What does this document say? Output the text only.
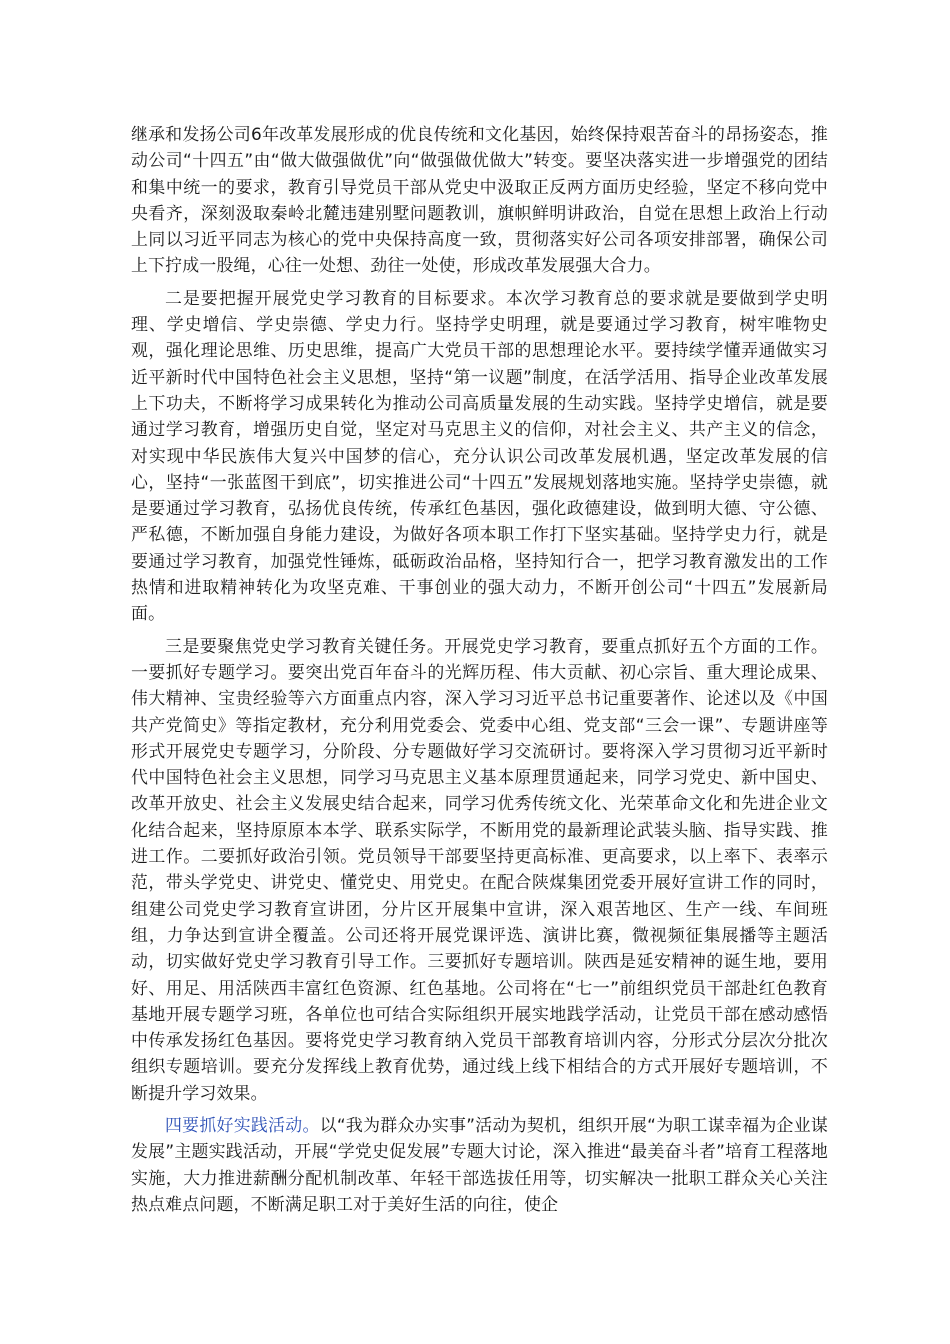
继承和发扬公司6年改革发展形成的优良传统和文化基因，始终保持艰苦奋斗的昂扬姿态，推动公司“十四五”由“做大做强做优”向“做强做优做大”转变。要坚决落实进一步增强党的团结和集中统一的要求，教育引导党员干部从党史中汲取正反两方面历史经验，坚定不移向党中央看齐，深刻汲取秦岭北麓违建别墅问题教训，旗帜鲜明讲政治，自觉在思想上政治上行动上同以习近平同志为核心的党中央保持高度一致，贯彻落实好公司各项安排部署，确保公司上下拧成一股绳，心往一处想、劲往一处使，形成改革发展强大合力。

二是要把握开展党史学习教育的目标要求。本次学习教育总的要求就是要做到学史明理、学史增信、学史崇德、学史力行。坚持学史明理，就是要通过学习教育，树牢唯物史观，强化理论思维、历史思维，提高广大党员干部的思想理论水平。要持续学懂弄通做实习近平新时代中国特色社会主义思想，坚持“第一议题”制度，在活学活用、指导企业改革发展上下功夫，不断将学习成果转化为推动公司高质量发展的生动实践。坚持学史增信，就是要通过学习教育，增强历史自觉，坚定对马克思主义的信仰，对社会主义、共产主义的信念，对实现中华民族伟大复兴中国梦的信心，充分认识公司改革发展机遇，坚定改革发展的信心，坚持“一张蓝图干到底”，切实推进公司“十四五”发展规划落地实施。坚持学史崇德，就是要通过学习教育，弘扬优良传统，传承红色基因，强化政德建设，做到明大德、守公德、严私德，不断加强自身能力建设，为做好各项本职工作打下坚实基础。坚持学史力行，就是要通过学习教育，加强党性锤炼，砥砺政治品格，坚持知行合一，把学习教育激发出的工作热情和进取精神转化为攻坚克难、干事创业的强大动力，不断开创公司“十四五”发展新局面。

三是要聚焦党史学习教育关键任务。开展党史学习教育，要重点抓好五个方面的工作。一要抓好专题学习。要突出党百年奋斗的光辉历程、伟大贡献、初心宗旨、重大理论成果、伟大精神、宝贵经验等六方面重点内容，深入学习习近平总书记重要著作、论述以及《中国共产党简史》等指定教材，充分利用党委会、党委中心组、党支部“三会一课”、专题讲座等形式开展党史专题学习，分阶段、分专题做好学习交流研讨。要将深入学习贯彻习近平新时代中国特色社会主义思想，同学习马克思主义基本原理贯通起来，同学习党史、新中国史、改革开放史、社会主义发展史结合起来，同学习优秀传统文化、光荣革命文化和先进企业文化结合起来，坚持原原本本学、联系实际学，不断用党的最新理论武装头脑、指导实践、推进工作。二要抓好政治引领。党员领导干部要坚持更高标准、更高要求，以上率下、表率示范，带头学党史、讲党史、懂党史、用党史。在配合陕煤集团党委开展好宣讲工作的同时，组建公司党史学习教育宣讲团，分片区开展集中宣讲，深入艰苦地区、生产一线、车间班组，力争达到宣讲全覆盖。公司还将开展党课评选、演讲比赛，微视频征集展播等主题活动，切实做好党史学习教育引导工作。三要抓好专题培训。陕西是延安精神的诞生地，要用好、用足、用活陕西丰富红色资源、红色基地。公司将在“七一”前组织党员干部赴红色教育基地开展专题学习班，各单位也可结合实际组织开展实地践学活动，让党员干部在感动感悟中传承发扬红色基因。要将党史学习教育纳入党员干部教育培训内容，分形式分层次分批次组织专题培训。要充分发挥线上教育优势，通过线上线下相结合的方式开展好专题培训，不断提升学习效果。

四要抓好实践活动。以“我为群众办实事”活动为契机，组织开展“为职工谋幸福为企业谋发展”主题实践活动，开展“学党史促发展”专题大讨论，深入推进“最美奋斗者”培育工程落地实施，大力推进薪酬分配机制改革、年轻干部选拔任用等，切实解决一批职工群众关心关注热点难点问题，不断满足职工对于美好生活的向往，使企
